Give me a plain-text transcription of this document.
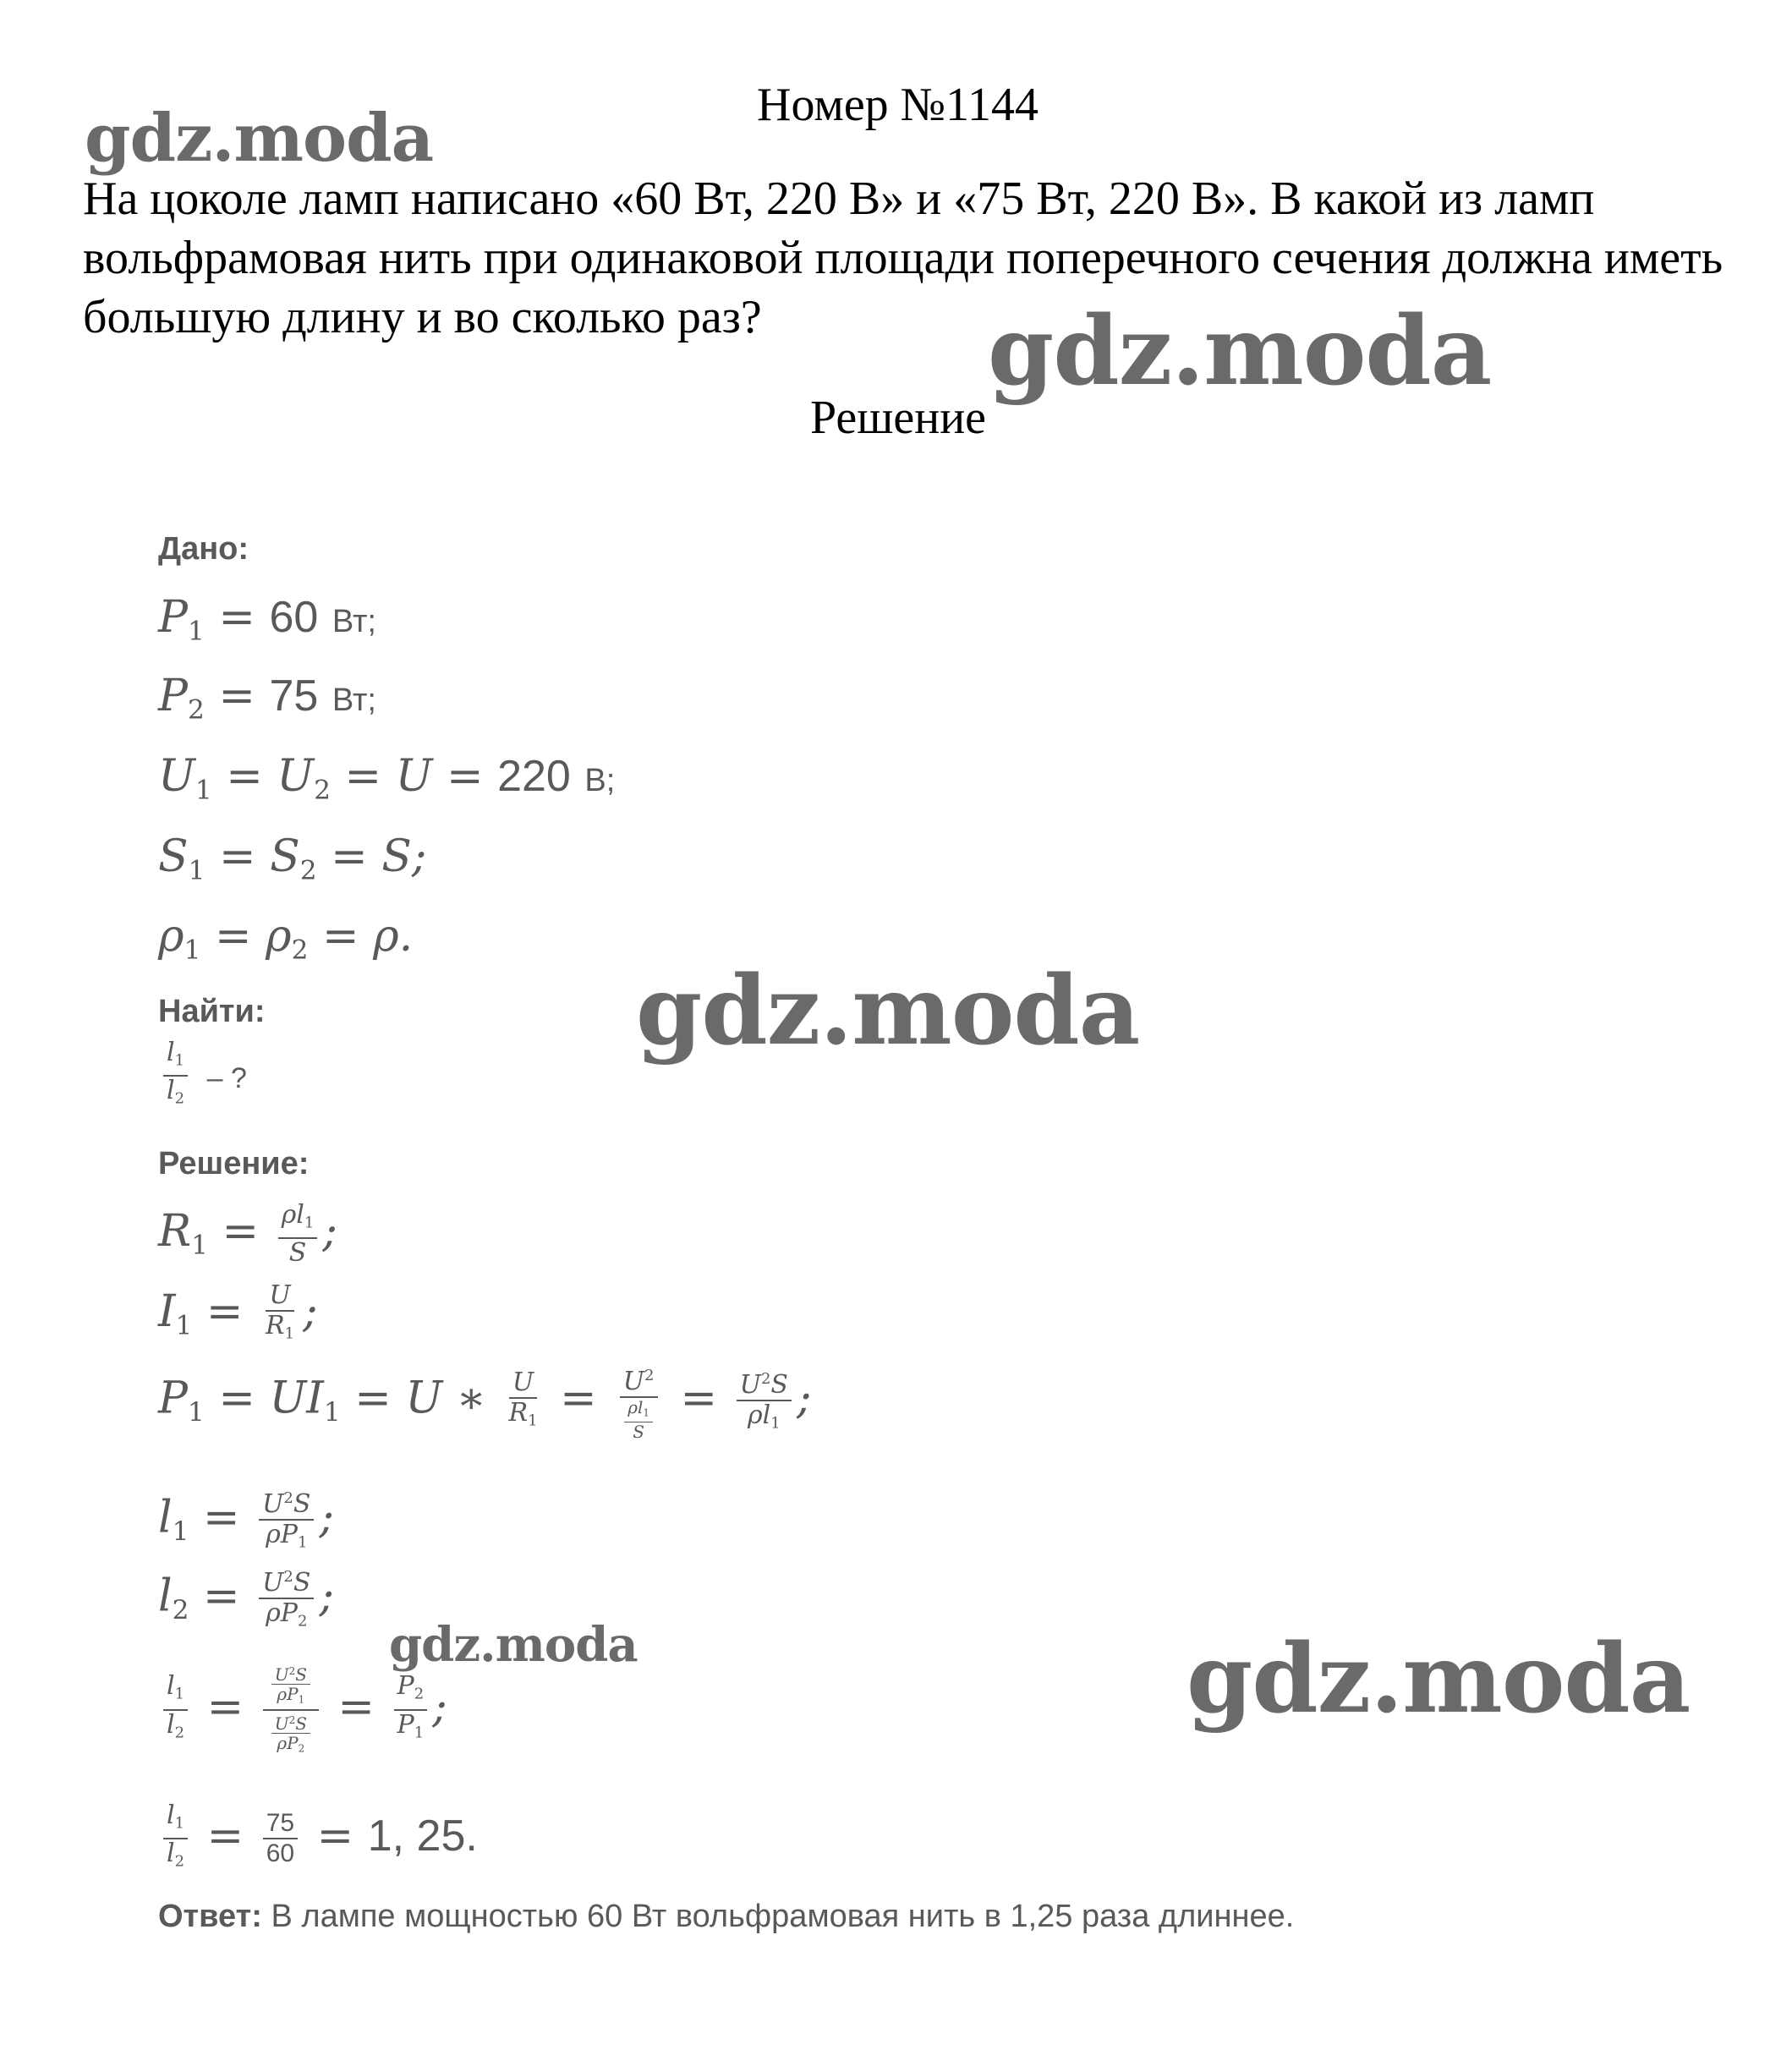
Номер №1144
На цоколе ламп написано «60 Вт, 220 В» и «75 Вт, 220 В». В какой из ламп вольфрамовая нить при одинаковой площади поперечного сечения должна иметь большую длину и во сколько раз?
Решение
gdz.moda
gdz.moda
gdz.moda
gdz.moda	gdz.moda
Дано:
$P_1 = 60$ Вт;
$P_2 = 75$ Вт;
$U_1 = U_2 = U = 220$ В;
$S_1 = S_2 = S$;
$\rho_1 = \rho_2 = \rho$.
Найти:
$\frac{l_1}{l_2}$ – ?
Решение:
$R_1 = \frac{\rho l_1}{S}$ ;
$I_1 = \frac{U}{R_1}$ ;
$P_1 = UI_1 = U$ ∗ $\frac{U}{R_1} = \frac{U^2}{\frac{\rho l_1}{S}} = \frac{U^2S}{\rho l_1}$ ;
$l_1 = \frac{U^2S}{\rho P_1}$ ;
$l_2 = \frac{U^2S}{\rho P_2}$ ;
$\frac{l_1}{l_2} = \frac{\frac{U^2S}{\rho P_1}}{\frac{U^2S}{\rho P_2}} = \frac{P_2}{P_1}$ ;
$\frac{l_1}{l_2} = \frac{75}{60} = 1$, 25.
Ответ: В лампе мощностью 60 Вт вольфрамовая нить в 1,25 раза длиннее.
